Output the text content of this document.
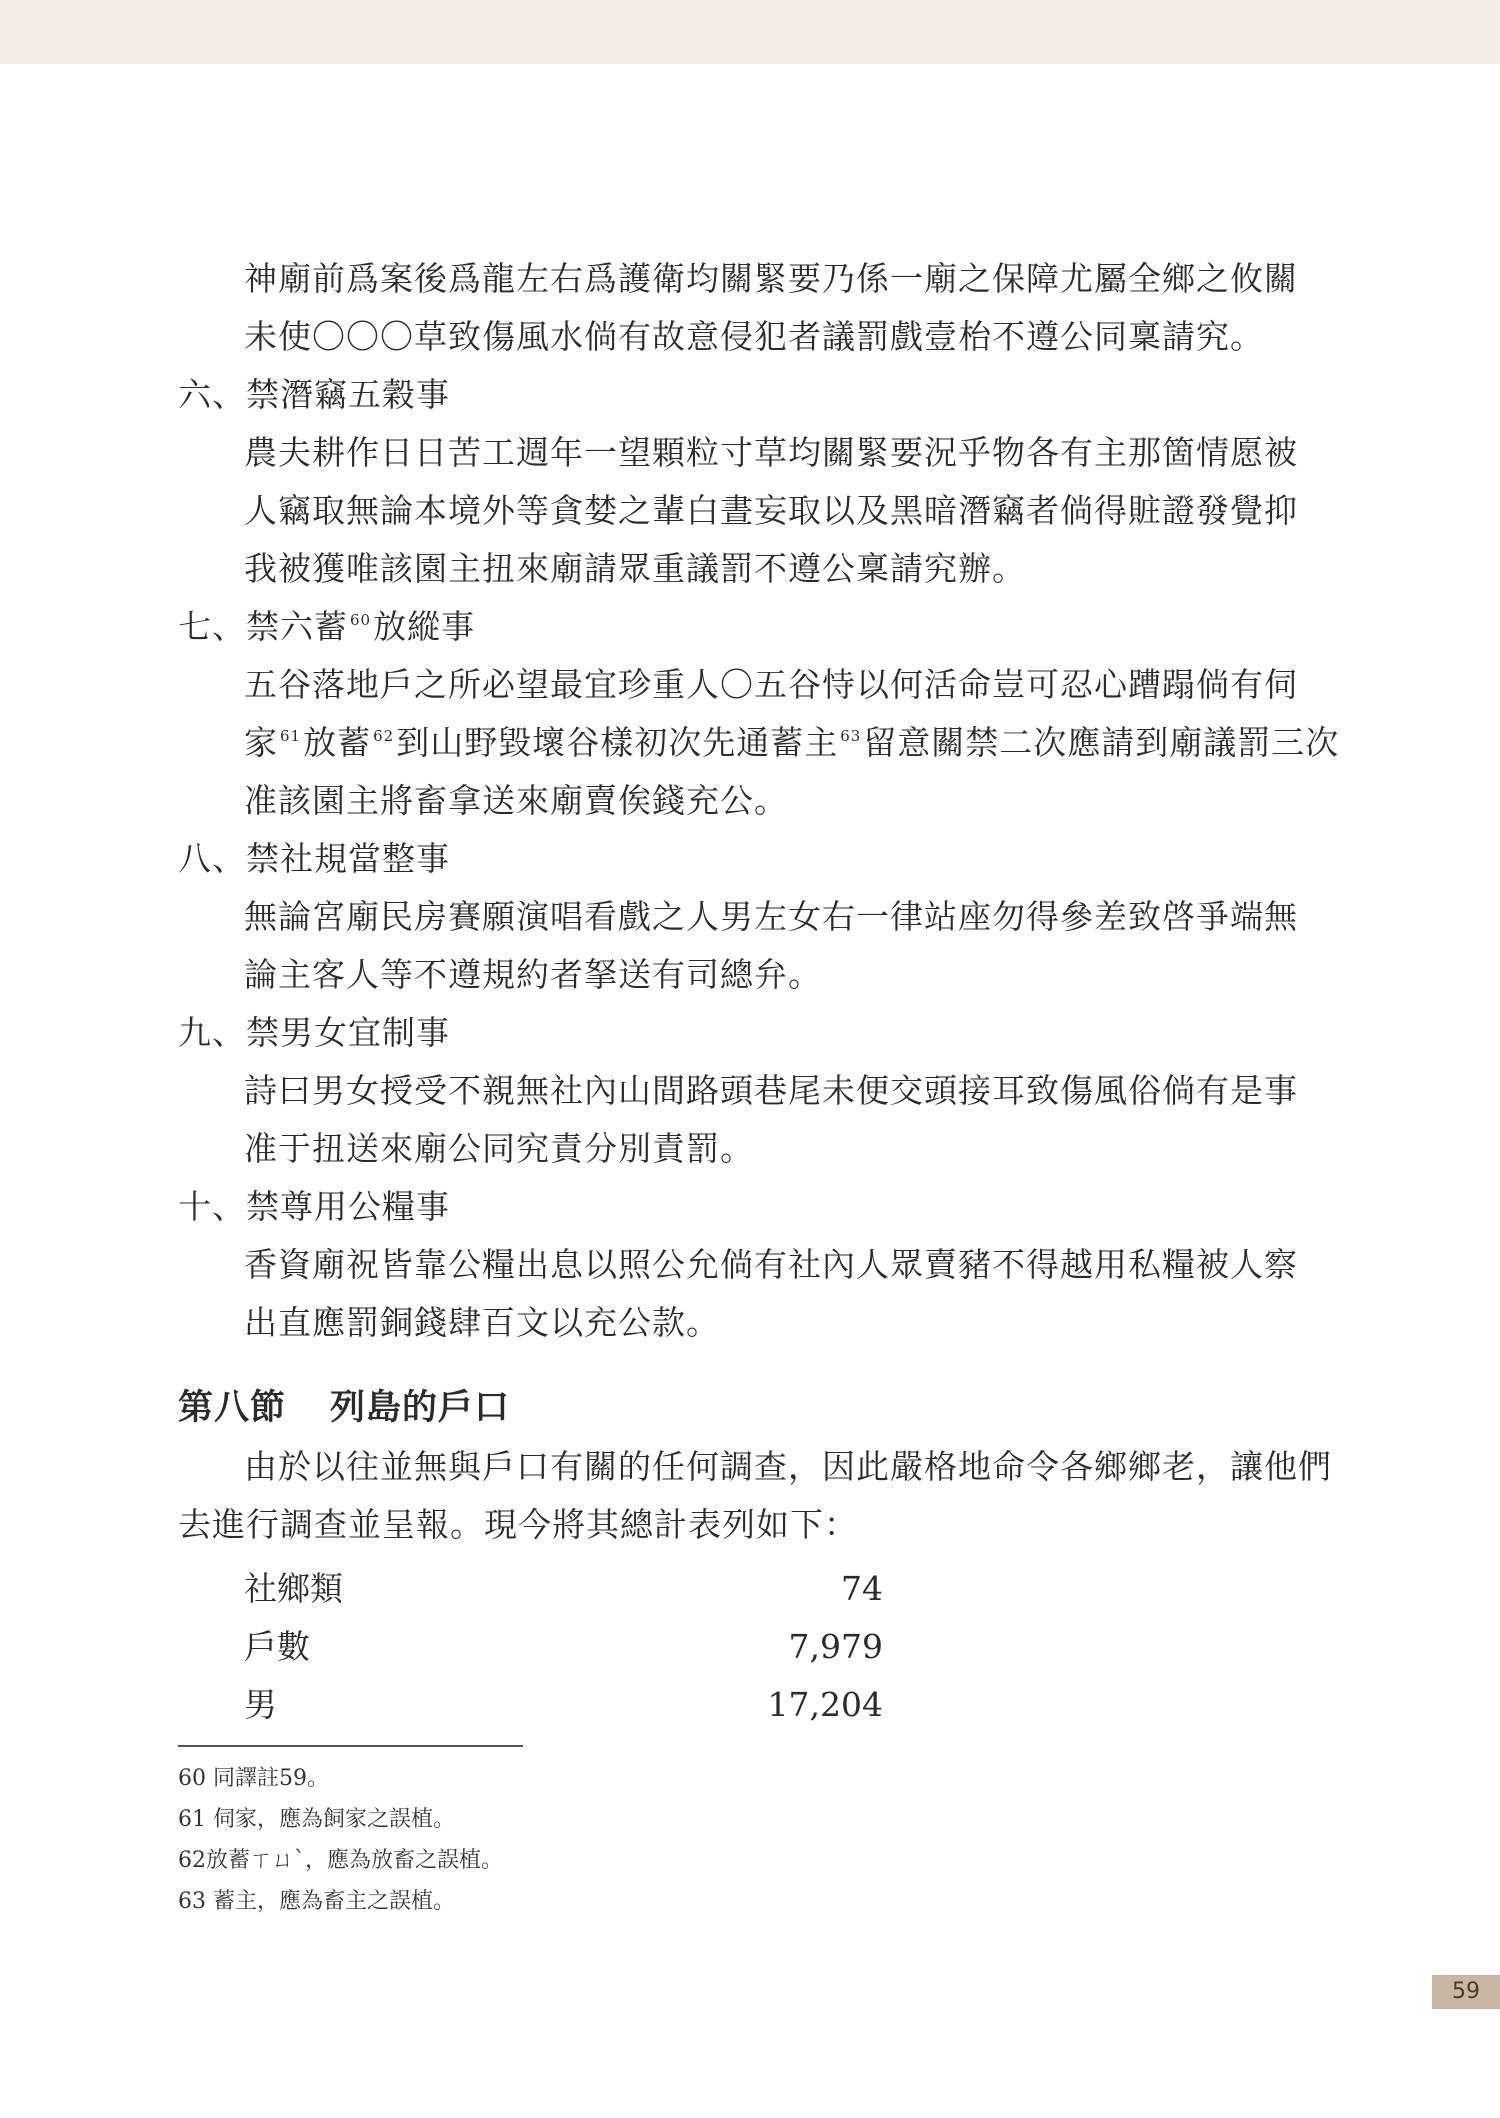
神廟前爲案後爲龍左右爲護衛均關緊要乃係一廟之保障尤屬全鄉之攸關
未使〇〇〇草致傷風水倘有故意侵犯者議罰戲壹枱不遵公同稟請究。
六、禁潛竊五穀事
農夫耕作日日苦工週年一望顆粒寸草均關緊要況乎物各有主那箇情愿被
人竊取無論本境外等貪婪之輩白晝妄取以及黑暗潛竊者倘得賍證發覺抑
我被獲唯該園主扭來廟請眾重議罰不遵公稟請究辦。
七、禁六蓄 $^{60}$放縱事
五谷落地戶之所必望最宜珍重人〇五谷恃以何活命豈可忍心蹧蹋倘有伺
家 $^{61}$放蓄 $^{62}$到山野毀壞谷樣初次先通蓄主 $^{63}$留意關禁二次應請到廟議罰三次
准該園主將畜拿送來廟賣俟錢充公。
八、禁社規當整事
無論宮廟民房賽願演唱看戲之人男左女右一律站座勿得參差致啓爭端無
論主客人等不遵規約者拏送有司總弁。
九、禁男女宜制事
詩曰男女授受不親無社內山間路頭巷尾未便交頭接耳致傷風俗倘有是事
准于扭送來廟公同究責分別責罰。
十、禁尊用公糧事
香資廟祝皆靠公糧出息以照公允倘有社內人眾賣豬不得越用私糧被人察
出直應罰銅錢肆百文以充公款。
第八節 列島的戶口
由於以往並無與戶口有關的任何調查，因此嚴格地命令各鄉鄉老，讓他們
去進行調查並呈報。現今將其總計表列如下：
社鄉類	74
戶數	7,979
男	17,204
60 同譯註59。
61 伺家，應為飼家之誤植。
62放蓄ㄒㄩˋ，應為放畜之誤植。
63 蓄主，應為畜主之誤植。
59
